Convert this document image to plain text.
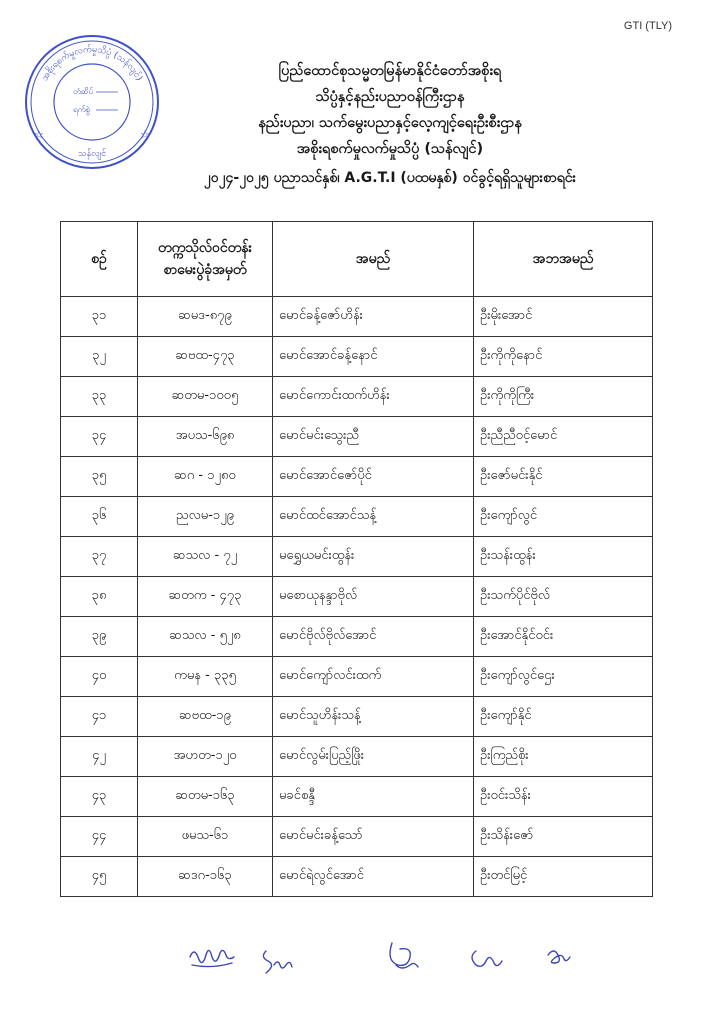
GTI (TLY)
အစိုးရစက်မှုလက်မှုသိပ္ပံ (သန်လျင်)
တံဆိပ်
ရက်စွဲ
သန်လျင်
☆	☆
ပြည်ထောင်စုသမ္မတမြန်မာနိုင်ငံတော်အစိုးရ
သိပ္ပံနှင့်နည်းပညာဝန်ကြီးဌာန
နည်းပညာ၊ သက်မွေးပညာနှင့်လေ့ကျင့်ရေးဦးစီးဌာန
အစိုးရစက်မှုလက်မှုသိပ္ပံ (သန်လျင်)
၂၀၂၄-၂၀၂၅ ပညာသင်နှစ်၊ A.G.T.I (ပထမနှစ်) ဝင်ခွင့်ရရှိသူများစာရင်း
စဉ်	တက္ကသိုလ်ဝင်တန်း စာမေးပွဲခုံအမှတ်	အမည်	အဘအမည်
၃၁	ဆမဒ-၈၇၉	မောင်ခန့်ဇော်ဟိန်း	ဦးမိုးအောင်
၃၂	ဆဗထ-၄၇၃	မောင်အောင်ခန့်နောင်	ဦးကိုကိုနောင်
၃၃	ဆတမ-၁၀၀၅	မောင်ကောင်းထက်ဟိန်း	ဦးကိုကိုကြီး
၃၄	အပသ-၆၉၈	မောင်မင်းသွေးညီ	ဦးညီညီဝင့်မောင်
၃၅	ဆဂ - ၁၂၈၀	မောင်အောင်ဇော်ပိုင်	ဦးဇော်မင်းနိုင်
၃၆	ညလမ-၁၂၉	မောင်ထင်အောင်သန့်	ဦးကျော်လွင်
၃၇	ဆသလ - ၇၂	မရွှေယမင်းထွန်း	ဦးသန်းထွန်း
၃၈	ဆတက - ၄၇၃	မစောယုနန္ဒာဗိုလ်	ဦးသက်ပိုင်ဗိုလ်
၃၉	ဆသလ - ၅၂၈	မောင်ဗိုလ်ဗိုလ်အောင်	ဦးအောင်နိုင်ဝင်း
၄၀	ကမန - ၃၃၅	မောင်ကျော်လင်းထက်	ဦးကျော်လွင်ဌေး
၄၁	ဆဗထ-၁၉	မောင်သူဟိန်းသန့်	ဦးကျော်နိုင်
၄၂	အဟတ-၁၂၀	မောင်လွမ်းပြည့်ဖြိုး	ဦးကြည်စိုး
၄၃	ဆတမ-၁၆၃	မခင်စန္ဒီ	ဦးဝင်းသိန်း
၄၄	ဖမသ-၆၁	မောင်မင်းခန့်သော်	ဦးသိန်းဇော်
၄၅	ဆဒဂ-၁၆၃	မောင်ရဲလွင်အောင်	ဦးတင်မြင့်
